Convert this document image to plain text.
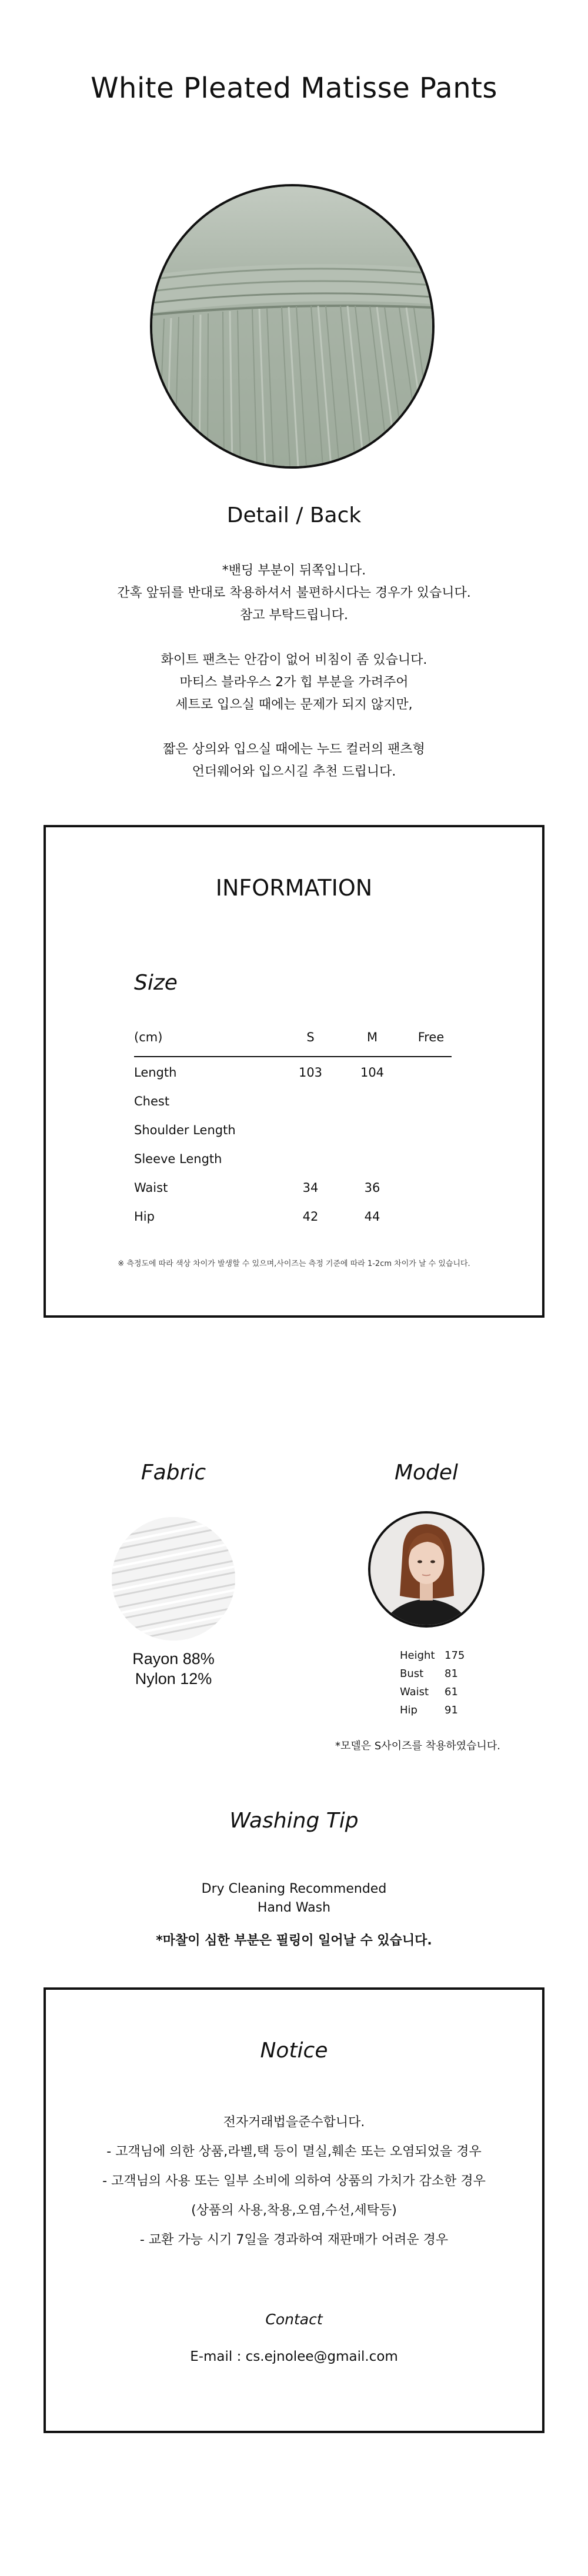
White Pleated Matisse Pants
Detail / Back
*밴딩 부분이 뒤쪽입니다.
간혹 앞뒤를 반대로 착용하셔서 불편하시다는 경우가 있습니다.
참고 부탁드립니다.
화이트 팬츠는 안감이 없어 비침이 좀 있습니다.
마티스 블라우스 2가 힙 부분을 가려주어
세트로 입으실 때에는 문제가 되지 않지만,
짧은 상의와 입으실 때에는 누드 컬러의 팬츠형
언더웨어와 입으시길 추천 드립니다.
INFORMATION
Size
(cm)	S	M	Free
Length	103	104
Chest
Shoulder Length
Sleeve Length
Waist	34	36
Hip	42	44
※ 측정도에 따라 색상 차이가 발생할 수 있으며,사이즈는 측정 기준에 따라 1-2cm 차이가 날 수 있습니다.
Fabric	Model
Rayon 88%
Nylon 12%
Height 175
Bust	81
Waist	61
Hip	91
*모델은 S사이즈를 착용하였습니다.
Washing Tip
Dry Cleaning Recommended
Hand Wash
*마찰이 심한 부분은 필링이 일어날 수 있습니다.
Notice
전자거래법을준수합니다.
- 고객님에 의한 상품,라벨,택 등이 멸실,훼손 또는 오염되었을 경우
- 고객님의 사용 또는 일부 소비에 의하여 상품의 가치가 감소한 경우
(상품의 사용,착용,오염,수선,세탁등)
- 교환 가능 시기 7일을 경과하여 재판매가 어려운 경우
Contact
E-mail : cs.ejnolee@gmail.com
